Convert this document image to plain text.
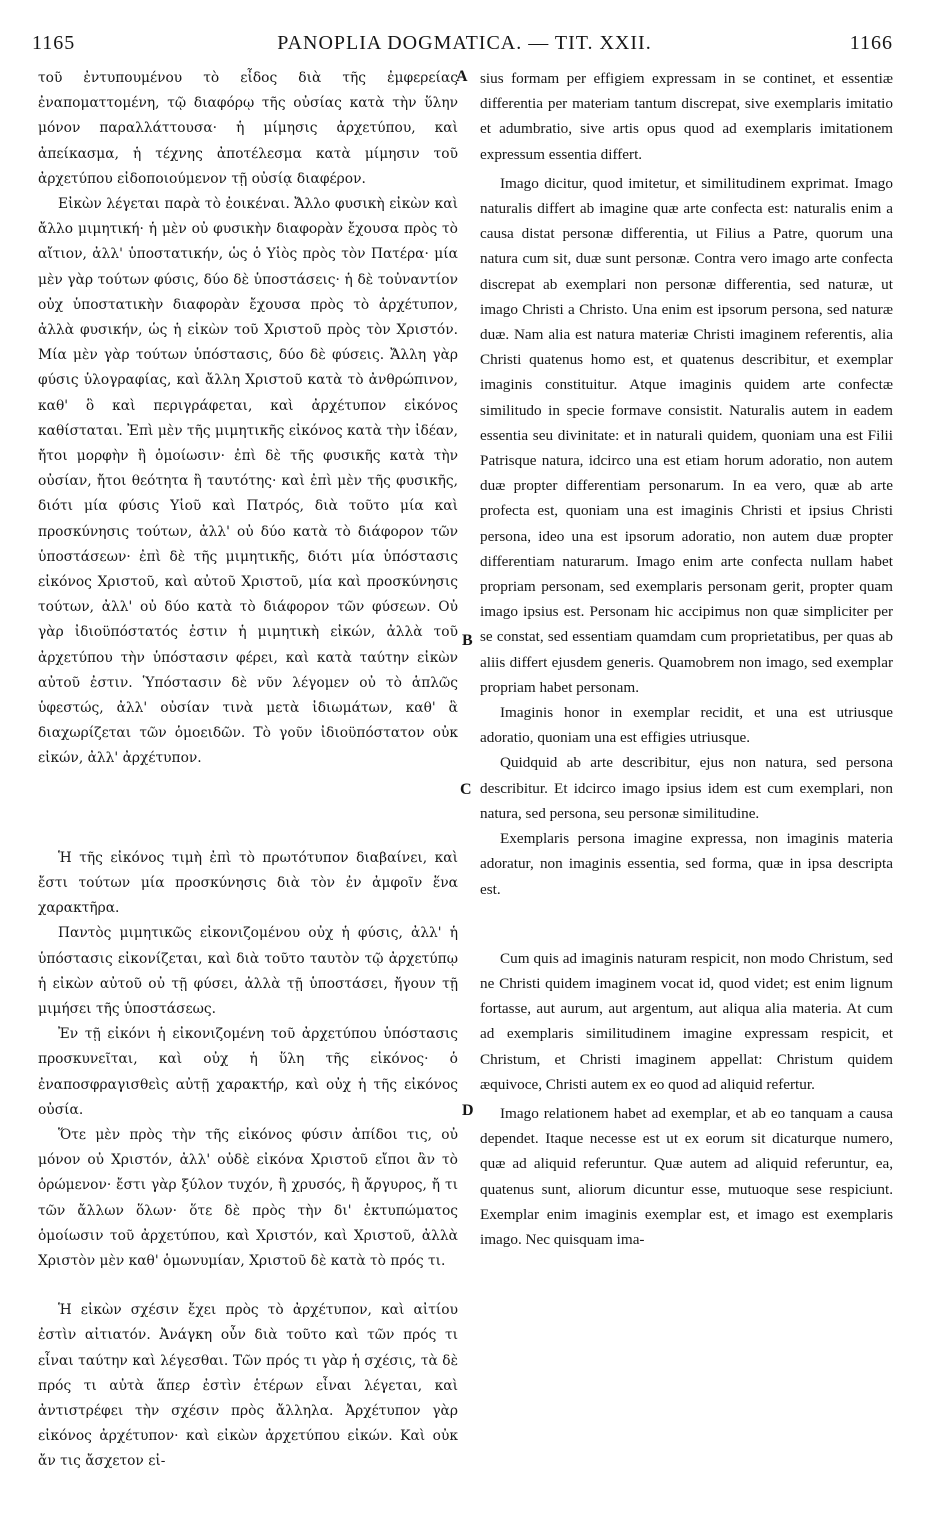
1165	PANOPLIA DOGMATICA. — TIT. XXII.	1166
A
B
C
D

τοῦ ἐντυπουμένου τὸ εἶδος διὰ τῆς ἐμφερείας ἐναποματτομένη, τῷ διαφόρῳ τῆς οὐσίας κατὰ τὴν ὕλην μόνον παραλλάττουσα· ἡ μίμησις ἀρχετύπου, καὶ ἀπείκασμα, ἡ τέχνης ἀποτέλεσμα κατὰ μίμησιν τοῦ ἀρχετύπου εἰδοποιούμενον τῇ οὐσίᾳ διαφέρον.

Εἰκὼν λέγεται παρὰ τὸ ἐοικέναι. Ἄλλο φυσικὴ εἰκὼν καὶ ἄλλο μιμητική· ἡ μὲν οὐ φυσικὴν διαφορὰν ἔχουσα πρὸς τὸ αἴτιον, ἀλλ' ὑποστατικήν, ὡς ὁ Υἱὸς πρὸς τὸν Πατέρα· μία μὲν γὰρ τούτων φύσις, δύο δὲ ὑποστάσεις· ἡ δὲ τοὐναντίον οὐχ ὑποστατικὴν διαφορὰν ἔχουσα πρὸς τὸ ἀρχέτυπον, ἀλλὰ φυσικήν, ὡς ἡ εἰκὼν τοῦ Χριστοῦ πρὸς τὸν Χριστόν. Μία μὲν γὰρ τούτων ὑπόστασις, δύο δὲ φύσεις. Ἄλλη γὰρ φύσις ὑλογραφίας, καὶ ἄλλη Χριστοῦ κατὰ τὸ ἀνθρώπινον, καθ' ὃ καὶ περιγράφεται, καὶ ἀρχέτυπον εἰκόνος καθίσταται. Ἐπὶ μὲν τῆς μιμητικῆς εἰκόνος κατὰ τὴν ἰδέαν, ἤτοι μορφὴν ἢ ὁμοίωσιν· ἐπὶ δὲ τῆς φυσικῆς κατὰ τὴν οὐσίαν, ἤτοι θεότητα ἢ ταυτότης· καὶ ἐπὶ μὲν τῆς φυσικῆς, διότι μία φύσις Υἱοῦ καὶ Πατρός, διὰ τοῦτο μία καὶ προσκύνησις τούτων, ἀλλ' οὐ δύο κατὰ τὸ διάφορον τῶν ὑποστάσεων· ἐπὶ δὲ τῆς μιμητικῆς, διότι μία ὑπόστασις εἰκόνος Χριστοῦ, καὶ αὐτοῦ Χριστοῦ, μία καὶ προσκύνησις τούτων, ἀλλ' οὐ δύο κατὰ τὸ διάφορον τῶν φύσεων. Οὐ γὰρ ἰδιοϋπόστατός ἐστιν ἡ μιμητικὴ εἰκών, ἀλλὰ τοῦ ἀρχετύπου τὴν ὑπόστασιν φέρει, καὶ κατὰ ταύτην εἰκὼν αὐτοῦ ἐστιν. Ὑπόστασιν δὲ νῦν λέγομεν οὐ τὸ ἁπλῶς ὑφεστώς, ἀλλ' οὐσίαν τινὰ μετὰ ἰδιωμάτων, καθ' ἃ διαχωρίζεται τῶν ὁμοειδῶν. Τὸ γοῦν ἰδιοϋπόστατον οὐκ εἰκών, ἀλλ' ἀρχέτυπον.

Ἡ τῆς εἰκόνος τιμὴ ἐπὶ τὸ πρωτότυπον διαβαίνει, καὶ ἔστι τούτων μία προσκύνησις διὰ τὸν ἐν ἀμφοῖν ἕνα χαρακτῆρα.

Παντὸς μιμητικῶς εἰκονιζομένου οὐχ ἡ φύσις, ἀλλ' ἡ ὑπόστασις εἰκονίζεται, καὶ διὰ τοῦτο ταυτὸν τῷ ἀρχετύπῳ ἡ εἰκὼν αὐτοῦ οὐ τῇ φύσει, ἀλλὰ τῇ ὑποστάσει, ἤγουν τῇ μιμήσει τῆς ὑποστάσεως.

Ἐν τῇ εἰκόνι ἡ εἰκονιζομένη τοῦ ἀρχετύπου ὑπόστασις προσκυνεῖται, καὶ οὐχ ἡ ὕλη τῆς εἰκόνος· ὁ ἐναποσφραγισθεὶς αὐτῇ χαρακτήρ, καὶ οὐχ ἡ τῆς εἰκόνος οὐσία.

Ὅτε μὲν πρὸς τὴν τῆς εἰκόνος φύσιν ἀπίδοι τις, οὐ μόνον οὐ Χριστόν, ἀλλ' οὐδὲ εἰκόνα Χριστοῦ εἴποι ἂν τὸ ὁρώμενον· ἔστι γὰρ ξύλον τυχόν, ἢ χρυσός, ἢ ἄργυρος, ἤ τι τῶν ἄλλων ὅλων· ὅτε δὲ πρὸς τὴν δι' ἐκτυπώματος ὁμοίωσιν τοῦ ἀρχετύπου, καὶ Χριστόν, καὶ Χριστοῦ, ἀλλὰ Χριστὸν μὲν καθ' ὁμωνυμίαν, Χριστοῦ δὲ κατὰ τὸ πρός τι.

Ἡ εἰκὼν σχέσιν ἔχει πρὸς τὸ ἀρχέτυπον, καὶ αἰτίου ἐστὶν αἰτιατόν. Ἀνάγκη οὖν διὰ τοῦτο καὶ τῶν πρός τι εἶναι ταύτην καὶ λέγεσθαι. Τῶν πρός τι γὰρ ἡ σχέσις, τὰ δὲ πρός τι αὐτὰ ἅπερ ἐστὶν ἑτέρων εἶναι λέγεται, καὶ ἀντιστρέφει τὴν σχέσιν πρὸς ἄλληλα. Ἀρχέτυπον γὰρ εἰκόνος ἀρχέτυπον· καὶ εἰκὼν ἀρχετύπου εἰκών. Καὶ οὐκ ἄν τις ἄσχετον εἰ-

sius formam per effigiem expressam in se continet, et essentiæ differentia per materiam tantum discrepat, sive exemplaris imitatio et adumbratio, sive artis opus quod ad exemplaris imitationem expressum essentia differt.

Imago dicitur, quod imitetur, et similitudinem exprimat. Imago naturalis differt ab imagine quæ arte confecta est: naturalis enim a causa distat personæ differentia, ut Filius a Patre, quorum una natura cum sit, duæ sunt personæ. Contra vero imago arte confecta discrepat ab exemplari non personæ differentia, sed naturæ, ut imago Christi a Christo. Una enim est ipsorum persona, sed naturæ duæ. Nam alia est natura materiæ Christi imaginem referentis, alia Christi quatenus homo est, et quatenus describitur, et exemplar imaginis constituitur. Atque imaginis quidem arte confectæ similitudo in specie formave consistit. Naturalis autem in eadem essentia seu divinitate: et in naturali quidem, quoniam una est Filii Patrisque natura, idcirco una est etiam horum adoratio, non autem duæ propter differentiam personarum. In ea vero, quæ ab arte profecta est, quoniam una est imaginis Christi et ipsius Christi persona, ideo una est ipsorum adoratio, non autem duæ propter differentiam naturarum. Imago enim arte confecta nullam habet propriam personam, sed exemplaris personam gerit, propter quam imago ipsius est. Personam hic accipimus non quæ simpliciter per se constat, sed essentiam quamdam cum proprietatibus, per quas ab aliis differt ejusdem generis. Quamobrem non imago, sed exemplar propriam habet personam.

Imaginis honor in exemplar recidit, et una est utriusque adoratio, quoniam una est effigies utriusque.

Quidquid ab arte describitur, ejus non natura, sed persona describitur. Et idcirco imago ipsius idem est cum exemplari, non natura, sed persona, seu personæ similitudine.

Exemplaris persona imagine expressa, non imaginis materia adoratur, non imaginis essentia, sed forma, quæ in ipsa descripta est.

Cum quis ad imaginis naturam respicit, non modo Christum, sed ne Christi quidem imaginem vocat id, quod videt; est enim lignum fortasse, aut aurum, aut argentum, aut aliqua alia materia. At cum ad exemplaris similitudinem imagine expressam respicit, et Christum, et Christi imaginem appellat: Christum quidem æquivoce, Christi autem ex eo quod ad aliquid refertur.

Imago relationem habet ad exemplar, et ab eo tanquam a causa dependet. Itaque necesse est ut ex eorum sit dicaturque numero, quæ ad aliquid referuntur. Quæ autem ad aliquid referuntur, ea, quatenus sunt, aliorum dicuntur esse, mutuoque sese respiciunt. Exemplar enim imaginis exemplar est, et imago est exemplaris imago. Nec quisquam ima-
